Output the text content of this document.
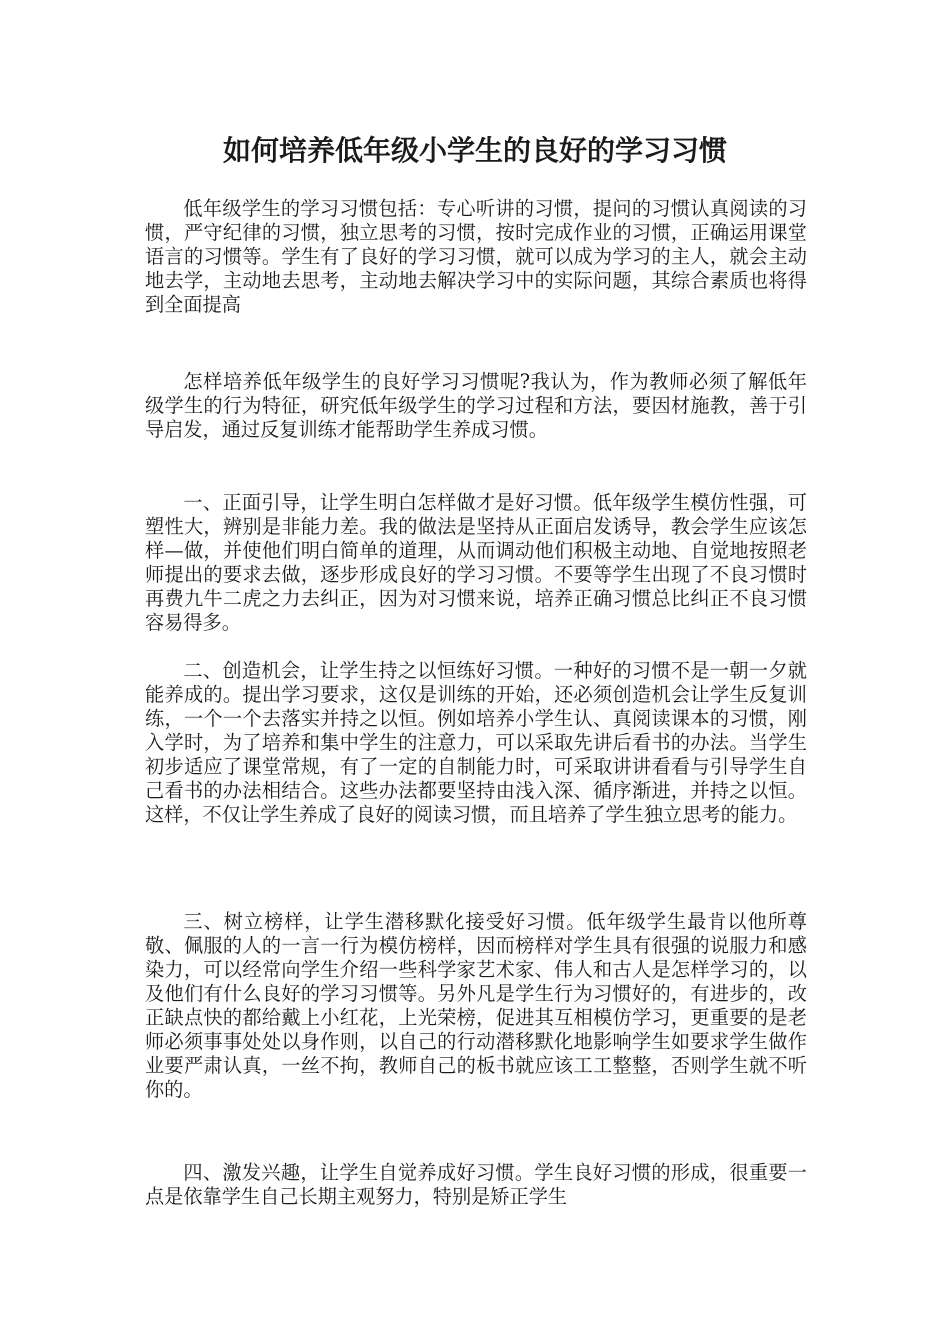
如何培养低年级小学生的良好的学习习惯

低年级学生的学习习惯包括：专心听讲的习惯，提问的习惯认真阅读的习惯，严守纪律的习惯，独立思考的习惯，按时完成作业的习惯，正确运用课堂语言的习惯等。学生有了良好的学习习惯，就可以成为学习的主人，就会主动地去学，主动地去思考，主动地去解决学习中的实际问题，其综合素质也将得到全面提高

怎样培养低年级学生的良好学习习惯呢?我认为，作为教师必须了解低年级学生的行为特征，研究低年级学生的学习过程和方法，要因材施教，善于引导启发，通过反复训练才能帮助学生养成习惯。

一、正面引导，让学生明白怎样做才是好习惯。低年级学生模仿性强，可塑性大，辨别是非能力差。我的做法是坚持从正面启发诱导，教会学生应该怎样—做，并使他们明白简单的道理，从而调动他们积极主动地、自觉地按照老师提出的要求去做，逐步形成良好的学习习惯。不要等学生出现了不良习惯时再费九牛二虎之力去纠正，因为对习惯来说，培养正确习惯总比纠正不良习惯容易得多。

二、创造机会，让学生持之以恒练好习惯。一种好的习惯不是一朝一夕就能养成的。提出学习要求，这仅是训练的开始，还必须创造机会让学生反复训练，一个一个去落实并持之以恒。例如培养小学生认、真阅读课本的习惯，刚入学时，为了培养和集中学生的注意力，可以采取先讲后看书的办法。当学生初步适应了课堂常规，有了一定的自制能力时，可采取讲讲看看与引导学生自己看书的办法相结合。这些办法都要坚持由浅入深、循序渐进，并持之以恒。这样，不仅让学生养成了良好的阅读习惯，而且培养了学生独立思考的能力。

三、树立榜样，让学生潜移默化接受好习惯。低年级学生最肯以他所尊敬、佩服的人的一言一行为模仿榜样，因而榜样对学生具有很强的说服力和感染力，可以经常向学生介绍一些科学家艺术家、伟人和古人是怎样学习的，以及他们有什么良好的学习习惯等。另外凡是学生行为习惯好的，有进步的，改正缺点快的都给戴上小红花，上光荣榜，促进其互相模仿学习，更重要的是老师必须事事处处以身作则，以自己的行动潜移默化地影响学生如要求学生做作业要严肃认真，一丝不拘，教师自己的板书就应该工工整整，否则学生就不听你的。

四、激发兴趣，让学生自觉养成好习惯。学生良好习惯的形成，很重要一点是依靠学生自己长期主观努力，特别是矫正学生
